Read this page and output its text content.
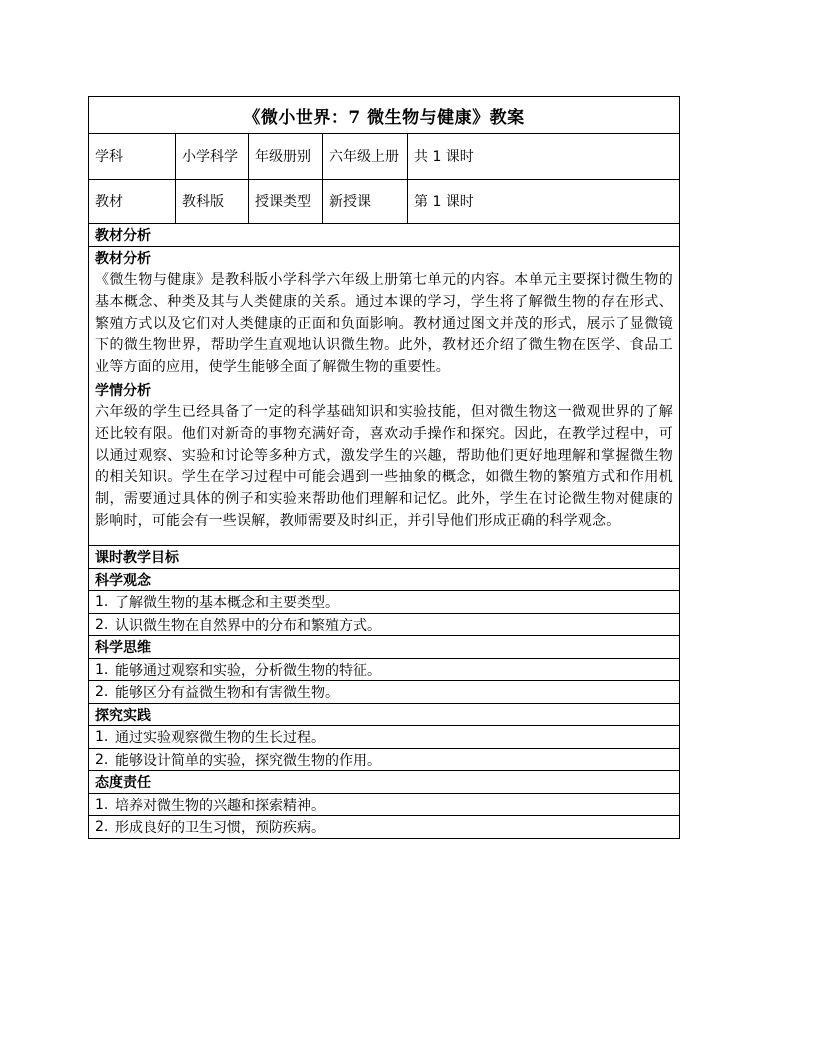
《微小世界：7 微生物与健康》教案
学科	小学科学	年级册别	六年级上册	共 1 课时
教材	教科版	授课类型	新授课	第 1 课时
教材分析
教材分析
《微生物与健康》是教科版小学科学六年级上册第七单元的内容。本单元主要探讨微生物的基本概念、种类及其与人类健康的关系。通过本课的学习，学生将了解微生物的存在形式、繁殖方式以及它们对人类健康的正面和负面影响。教材通过图文并茂的形式，展示了显微镜下的微生物世界，帮助学生直观地认识微生物。此外，教材还介绍了微生物在医学、食品工业等方面的应用，使学生能够全面了解微生物的重要性。
学情分析
六年级的学生已经具备了一定的科学基础知识和实验技能，但对微生物这一微观世界的了解还比较有限。他们对新奇的事物充满好奇，喜欢动手操作和探究。因此，在教学过程中，可以通过观察、实验和讨论等多种方式，激发学生的兴趣，帮助他们更好地理解和掌握微生物的相关知识。学生在学习过程中可能会遇到一些抽象的概念，如微生物的繁殖方式和作用机制，需要通过具体的例子和实验来帮助他们理解和记忆。此外，学生在讨论微生物对健康的影响时，可能会有一些误解，教师需要及时纠正，并引导他们形成正确的科学观念。
课时教学目标
科学观念
1. 了解微生物的基本概念和主要类型。
2. 认识微生物在自然界中的分布和繁殖方式。
科学思维
1. 能够通过观察和实验，分析微生物的特征。
2. 能够区分有益微生物和有害微生物。
探究实践
1. 通过实验观察微生物的生长过程。
2. 能够设计简单的实验，探究微生物的作用。
态度责任
1. 培养对微生物的兴趣和探索精神。
2. 形成良好的卫生习惯，预防疾病。
